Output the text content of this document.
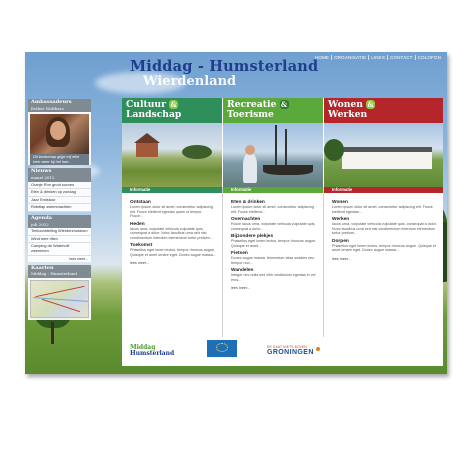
HOME	ORGANISATIE	LINKS	CONTACT	COLOFON
Middag - Humsterland
Wierdenland
Ambassadeurs
Esther Wolthers
Dit landschap grijpt mij elke keer weer bij het hart...
Nieuws
maart 2012
Oranje Run groot succes
Eten & drinken op zondag
Jazz Emistour
Rotsflap zwemmachten
Agenda
juli 2012
Tentoonstelling Wierdenmuseum
Wind mee rillen
Camping de Watervolf zwemmen
lees meer...
Kaarten
Middag - Humsterland
Cultuur &
Landschap
Informatie
Ontstaan
Lorem ipsum dolor sit amet, consectetur adipiscing elit. Fusce eleifend egestas quam ut tempor. Fusce...
Heden
Iacus urna, vulputate vehicula vulputate quis, consequat a dolor. Nunc faucibus urna sed nisi condimentum interdum elementum tortor pretium...
Toekomst
Phasellus eget lorem lectus, tempor rhoncus augue. Quisque et amet ornare eget. Donec augue massa...
lees meer...
Recreatie &
Toerisme
Informatie
Eten & drinken
Lorem ipsum dolor sit amet, consectetur adipiscing elit. Fusce eleifend...
Overnachten
Fusce lacus urna, vulputate vehicula vulputate quis, consequat a dolor...
Bijzondere plekjes
Phasellus eget lorem lectus, tempor rhoncus augue. Quisque et amet...
Fietsen
Donec augue massa, fermentum vitae sodales nec, tempor non...
Wandelen
Integer nec nulla sed nibh vestibulum egestas in vel eros...
lees meer...
Wonen &
Werken
Informatie
Wonen
Lorem ipsum dolor sit amet, consectetur adipiscing elit. Fusce eleifend egestas...
Werken
Iacus urna, vulputate vehicula vulputate quis, consequat a dolor. Nunc faucibus urna sed nisi condimentum interdum elementum tortor pretium...
Dorpen
Phasellus eget lorem lectus, tempor rhoncus augue. Quisque et amet ornare eget. Donec augue massa...
lees meer...
Middag
Humsterland
ER GAAT NIETS BOVEN
GRONINGEN
